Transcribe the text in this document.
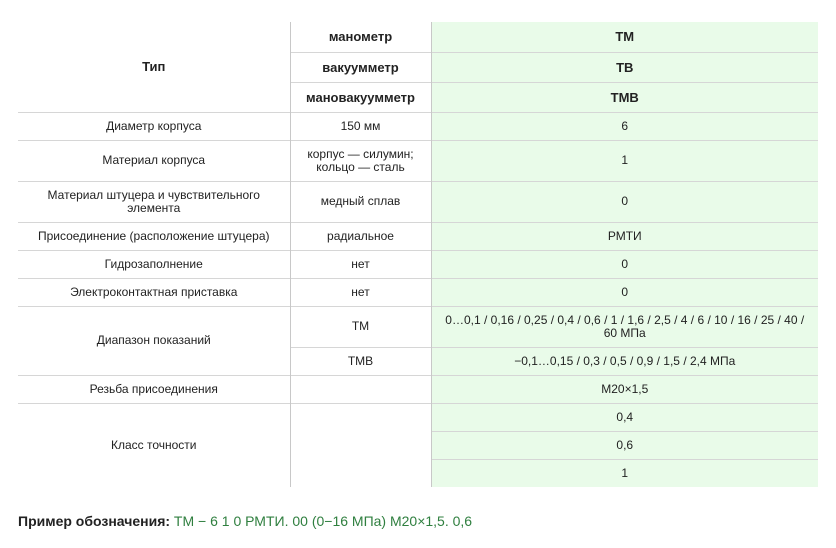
Тип	манометр	ТМ
	вакуумметр	ТВ
	мановакуумметр	ТМВ
Диаметр корпуса	150 мм	6
Материал корпуса	корпус — силумин; кольцо — сталь	1
Материал штуцера и чувствительного элемента	медный сплав	0
Присоединение (расположение штуцера)	радиальное	РМТИ
Гидрозаполнение	нет	0
Электроконтактная приставка	нет	0
Диапазон показаний	ТМ	0…0,1 / 0,16 / 0,25 / 0,4 / 0,6 / 1 / 1,6 / 2,5 / 4 / 6 / 10 / 16 / 25 / 40 / 60 МПа
	ТМВ	−0,1…0,15 / 0,3 / 0,5 / 0,9 / 1,5 / 2,4 МПа
Резьба присоединения		М20×1,5
Класс точности		0,4
		0,6
		1
Пример обозначения: ТМ − 6 1 0 РМТИ. 00 (0−16 МПа) М20×1,5. 0,6
